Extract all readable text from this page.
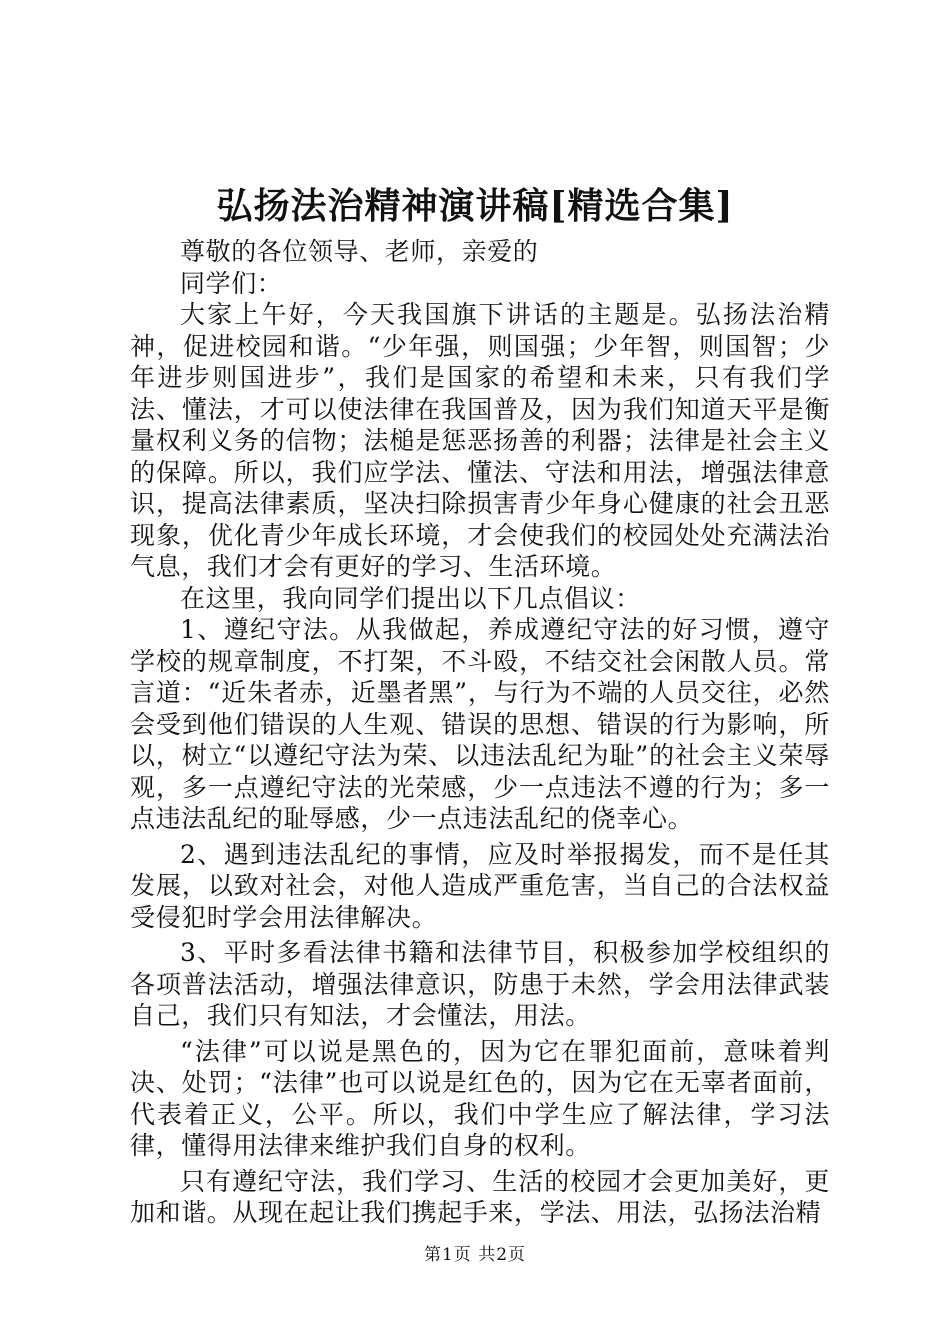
弘扬法治精神演讲稿[精选合集]

尊敬的各位领导、老师，亲爱的

同学们：

大家上午好，今天我国旗下讲话的主题是。弘扬法治精神，促进校园和谐。“少年强，则国强；少年智，则国智；少年进步则国进步”，我们是国家的希望和未来，只有我们学法、懂法，才可以使法律在我国普及，因为我们知道天平是衡量权利义务的信物；法槌是惩恶扬善的利器；法律是社会主义的保障。所以，我们应学法、懂法、守法和用法，增强法律意识，提高法律素质，坚决扫除损害青少年身心健康的社会丑恶现象，优化青少年成长环境，才会使我们的校园处处充满法治气息，我们才会有更好的学习、生活环境。

在这里，我向同学们提出以下几点倡议：

1、遵纪守法。从我做起，养成遵纪守法的好习惯，遵守学校的规章制度，不打架，不斗殴，不结交社会闲散人员。常言道：“近朱者赤，近墨者黑”，与行为不端的人员交往，必然会受到他们错误的人生观、错误的思想、错误的行为影响，所以，树立“以遵纪守法为荣、以违法乱纪为耻”的社会主义荣辱观，多一点遵纪守法的光荣感，少一点违法不遵的行为；多一点违法乱纪的耻辱感，少一点违法乱纪的侥幸心。

2、遇到违法乱纪的事情，应及时举报揭发，而不是任其发展，以致对社会，对他人造成严重危害，当自己的合法权益受侵犯时学会用法律解决。

3、平时多看法律书籍和法律节目，积极参加学校组织的各项普法活动，增强法律意识，防患于未然，学会用法律武装自己，我们只有知法，才会懂法，用法。

“法律”可以说是黑色的，因为它在罪犯面前，意味着判决、处罚；“法律”也可以说是红色的，因为它在无辜者面前，代表着正义，公平。所以，我们中学生应了解法律，学习法律，懂得用法律来维护我们自身的权利。

只有遵纪守法，我们学习、生活的校园才会更加美好，更加和谐。从现在起让我们携起手来，学法、用法，弘扬法治精

第1页 共2页
